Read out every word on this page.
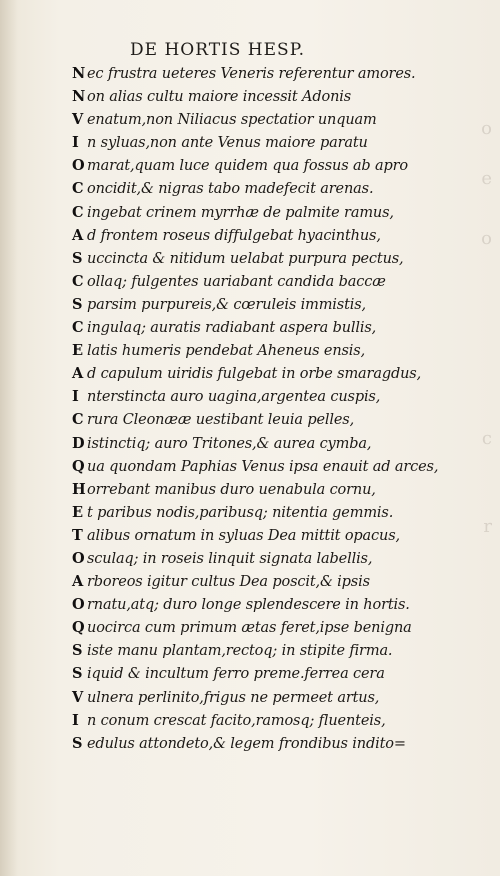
o
e
o
c
r
DE HORTIS HESP.
N ec frustra ueteres Veneris referentur amores.
N on alias cultu maiore incessit Adonis
V enatum,non Niliacus spectatior unquam
I n syluas,non ante Venus maiore paratu
O marat,quam luce quidem qua fossus ab apro
C oncidit,& nigras tabo madefecit arenas.
C ingebat crinem myrrhæ de palmite ramus,
A d frontem roseus diffulgebat hyacinthus,
S uccincta & nitidum uelabat purpura pectus,
C ollaq; fulgentes uariabant candida baccæ
S parsim purpureis,& cœruleis immistis,
C ingulaq; auratis radiabant aspera bullis,
E latis humeris pendebat Aheneus ensis,
A d capulum uiridis fulgebat in orbe smaragdus,
I nterstincta auro uagina,argentea cuspis,
C rura Cleonææ uestibant leuia pelles,
D istinctiq; auro Tritones,& aurea cymba,
Q ua quondam Paphias Venus ipsa enauit ad arces,
Horrebant manibus duro uenabula cornu,
E t paribus nodis,paribusq; nitentia gemmis.
T alibus ornatum in syluas Dea mittit opacus,
O sculaq; in roseis linquit signata labellis,
A rboreos igitur cultus Dea poscit,& ipsis
O rnatu,atq; duro longe splendescere in hortis.
Q uocirca cum primum ætas feret,ipse benigna
S iste manu plantam,rectoq; in stipite firma.
S iquid & incultum ferro preme.ferrea cera
V ulnera perlinito,frigus ne permeet artus,
I n conum crescat facito,ramosq; fluenteis,
S edulus attondeto,& legem frondibus indito=
